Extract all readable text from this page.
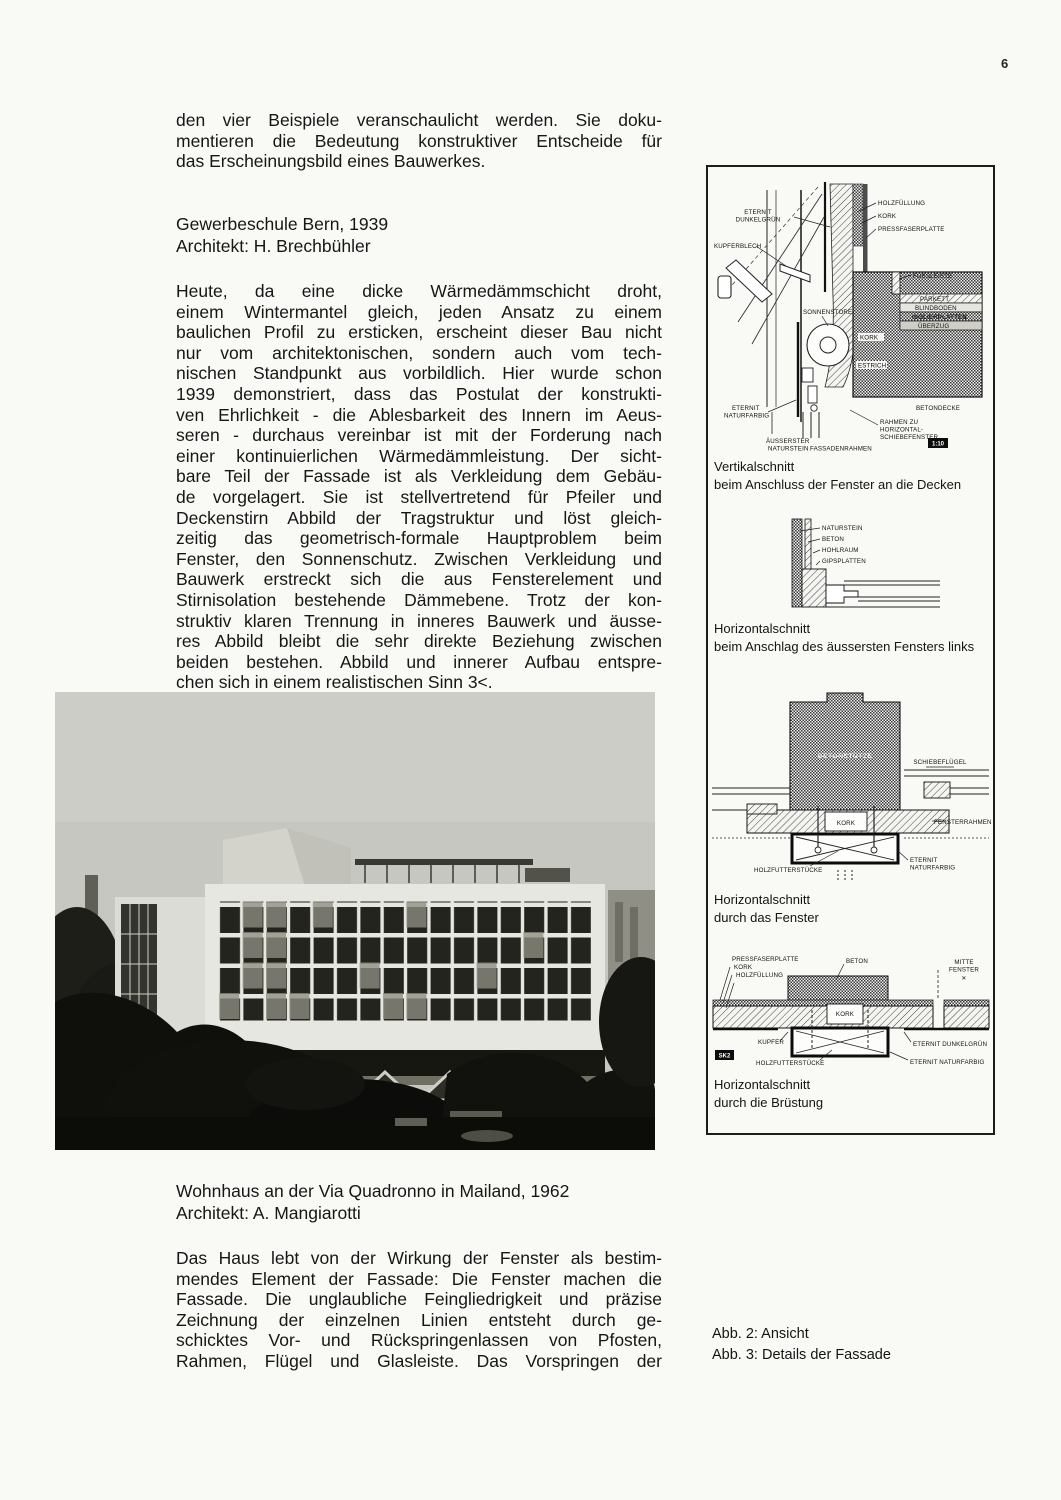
6
den vier Beispiele veranschaulicht werden. Sie doku-
mentieren die Bedeutung konstruktiver Entscheide für
das Erscheinungsbild eines Bauwerkes.
Gewerbeschule Bern, 1939
Architekt: H. Brechbühler
Heute, da eine dicke Wärmedämmschicht droht,
einem Wintermantel gleich, jeden Ansatz zu einem
baulichen Profil zu ersticken, erscheint dieser Bau nicht
nur vom architektonischen, sondern auch vom tech-
nischen Standpunkt aus vorbildlich. Hier wurde schon
1939 demonstriert, dass das Postulat der konstrukti-
ven Ehrlichkeit - die Ablesbarkeit des Innern im Aeus-
seren - durchaus vereinbar ist mit der Forderung nach
einer kontinuierlichen Wärmedämmleistung. Der sicht-
bare Teil der Fassade ist als Verkleidung dem Gebäu-
de vorgelagert. Sie ist stellvertretend für Pfeiler und
Deckenstirn Abbild der Tragstruktur und löst gleich-
zeitig das geometrisch-formale Hauptproblem beim
Fenster, den Sonnenschutz. Zwischen Verkleidung und
Bauwerk erstreckt sich die aus Fensterelement und
Stirnisolation bestehende Dämmebene. Trotz der kon-
struktiv klaren Trennung in inneres Bauwerk und äusse-
res Abbild bleibt die sehr direkte Beziehung zwischen
beiden bestehen. Abbild und innerer Aufbau entspre-
chen sich in einem realistischen Sinn 3<.
Wohnhaus an der Via Quadronno in Mailand, 1962
Architekt: A. Mangiarotti
Das Haus lebt von der Wirkung der Fenster als bestim-
mendes Element der Fassade: Die Fenster machen die
Fassade. Die unglaubliche Feingliedrigkeit und präzise
Zeichnung der einzelnen Linien entsteht durch ge-
schicktes Vor- und Rückspringenlassen von Pfosten,
Rahmen, Flügel und Glasleiste. Das Vorspringen der
ETERNIT
DUNKELGRÜN
HOLZFÜLLUNG
KORK
PRESSFASERPLATTE
KUPFERBLECH
FUSSLEISTE
PARKETT
BLINDBODEN
ISOLIERPLATTEN
ÜBERZUG
KORK
ESTRICH
SONNENSTORE
BETONDECKE
RAHMEN ZU
HORIZONTAL-
SCHIEBEFENSTER
ETERNIT
NATURFARBIG
ÄUSSERSTER
NATURSTEIN FASSADENRAHMEN
1:10
Vertikalschnitt
beim Anschluss der Fenster an die Decken
NATURSTEIN
BETON
HOHLRAUM
GIPSPLATTEN
Horizontalschnitt
beim Anschlag des äussersten Fensters links
BETONSTÜTZE
SCHIEBEFLÜGEL
KORK	FENSTERRAHMEN
HOLZFUTTERSTÜCKE
ETERNIT
NATURFARBIG
Horizontalschnitt
durch das Fenster
PRESSFASERPLATTE
KORK
HOLZFÜLLUNG
BETON
KORK
MITTE
FENSTER
✕
KUPFER
HOLZFUTTERSTÜCKE
ETERNIT DUNKELGRÜN
ETERNIT NATURFARBIG
SK2
Horizontalschnitt
durch die Brüstung
Abb. 2: Ansicht
Abb. 3: Details der Fassade
